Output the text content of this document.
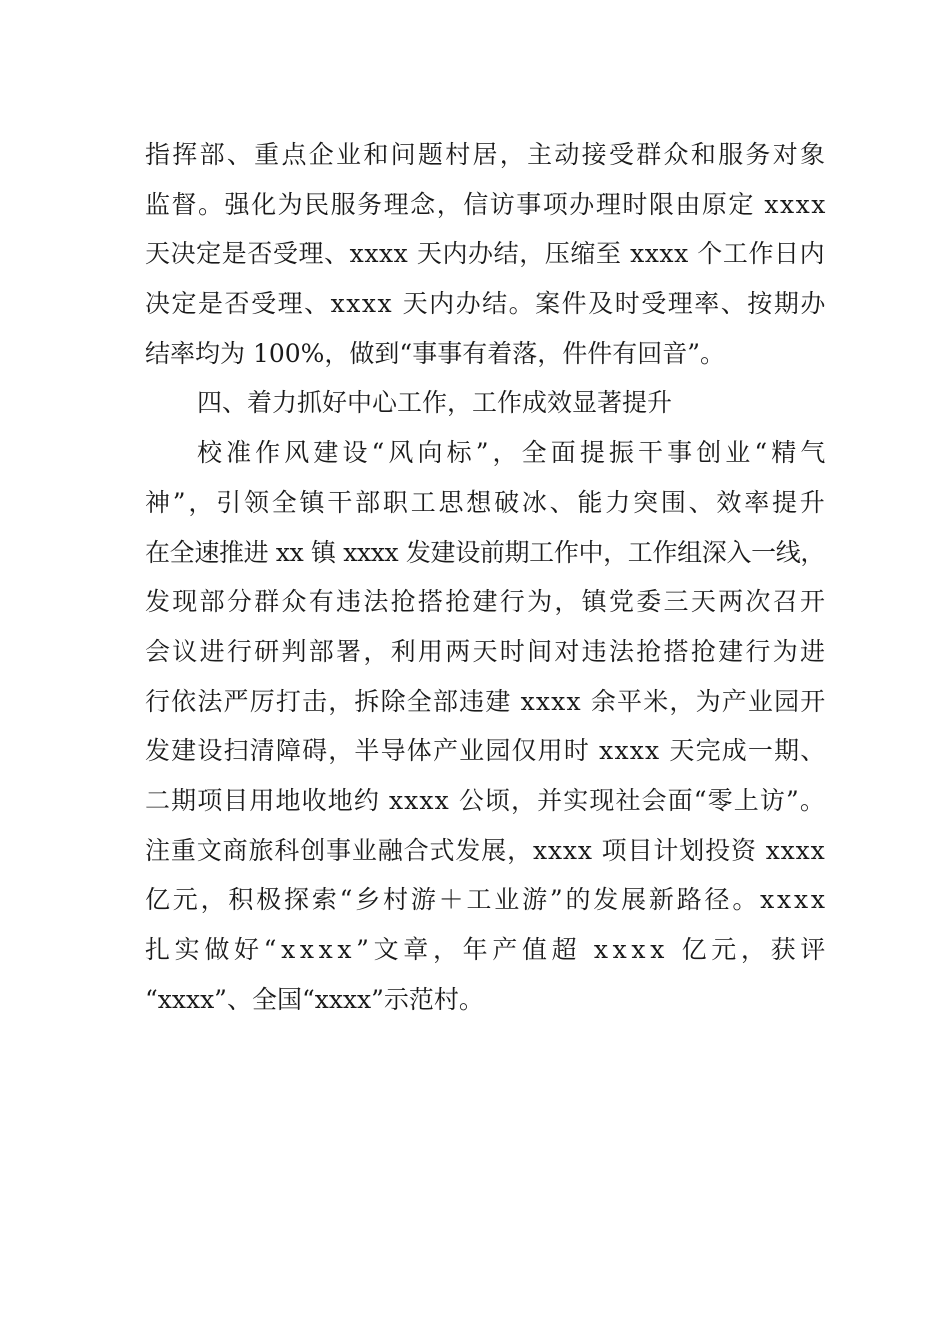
指挥部、重点企业和问题村居，主动接受群众和服务对象
监督。强化为民服务理念，信访事项办理时限由原定 xxxx
天决定是否受理、xxxx 天内办结，压缩至 xxxx 个工作日内
决定是否受理、xxxx 天内办结。案件及时受理率、按期办
结率均为 100%，做到“事事有着落，件件有回音”。
四、着力抓好中心工作，工作成效显著提升
校准作风建设“风向标”，全面提振干事创业“精气
神”，引领全镇干部职工思想破冰、能力突围、效率提升
在全速推进 xx 镇 xxxx 发建设前期工作中，工作组深入一线，
发现部分群众有违法抢搭抢建行为，镇党委三天两次召开
会议进行研判部署，利用两天时间对违法抢搭抢建行为进
行依法严厉打击，拆除全部违建 xxxx 余平米，为产业园开
发建设扫清障碍，半导体产业园仅用时 xxxx 天完成一期、
二期项目用地收地约 xxxx 公顷，并实现社会面“零上访”。
注重文商旅科创事业融合式发展，xxxx 项目计划投资 xxxx
亿元，积极探索“乡村游＋工业游”的发展新路径。xxxx
扎实做好“xxxx”文章，年产值超 xxxx 亿元，获评
“xxxx”、全国“xxxx”示范村。
